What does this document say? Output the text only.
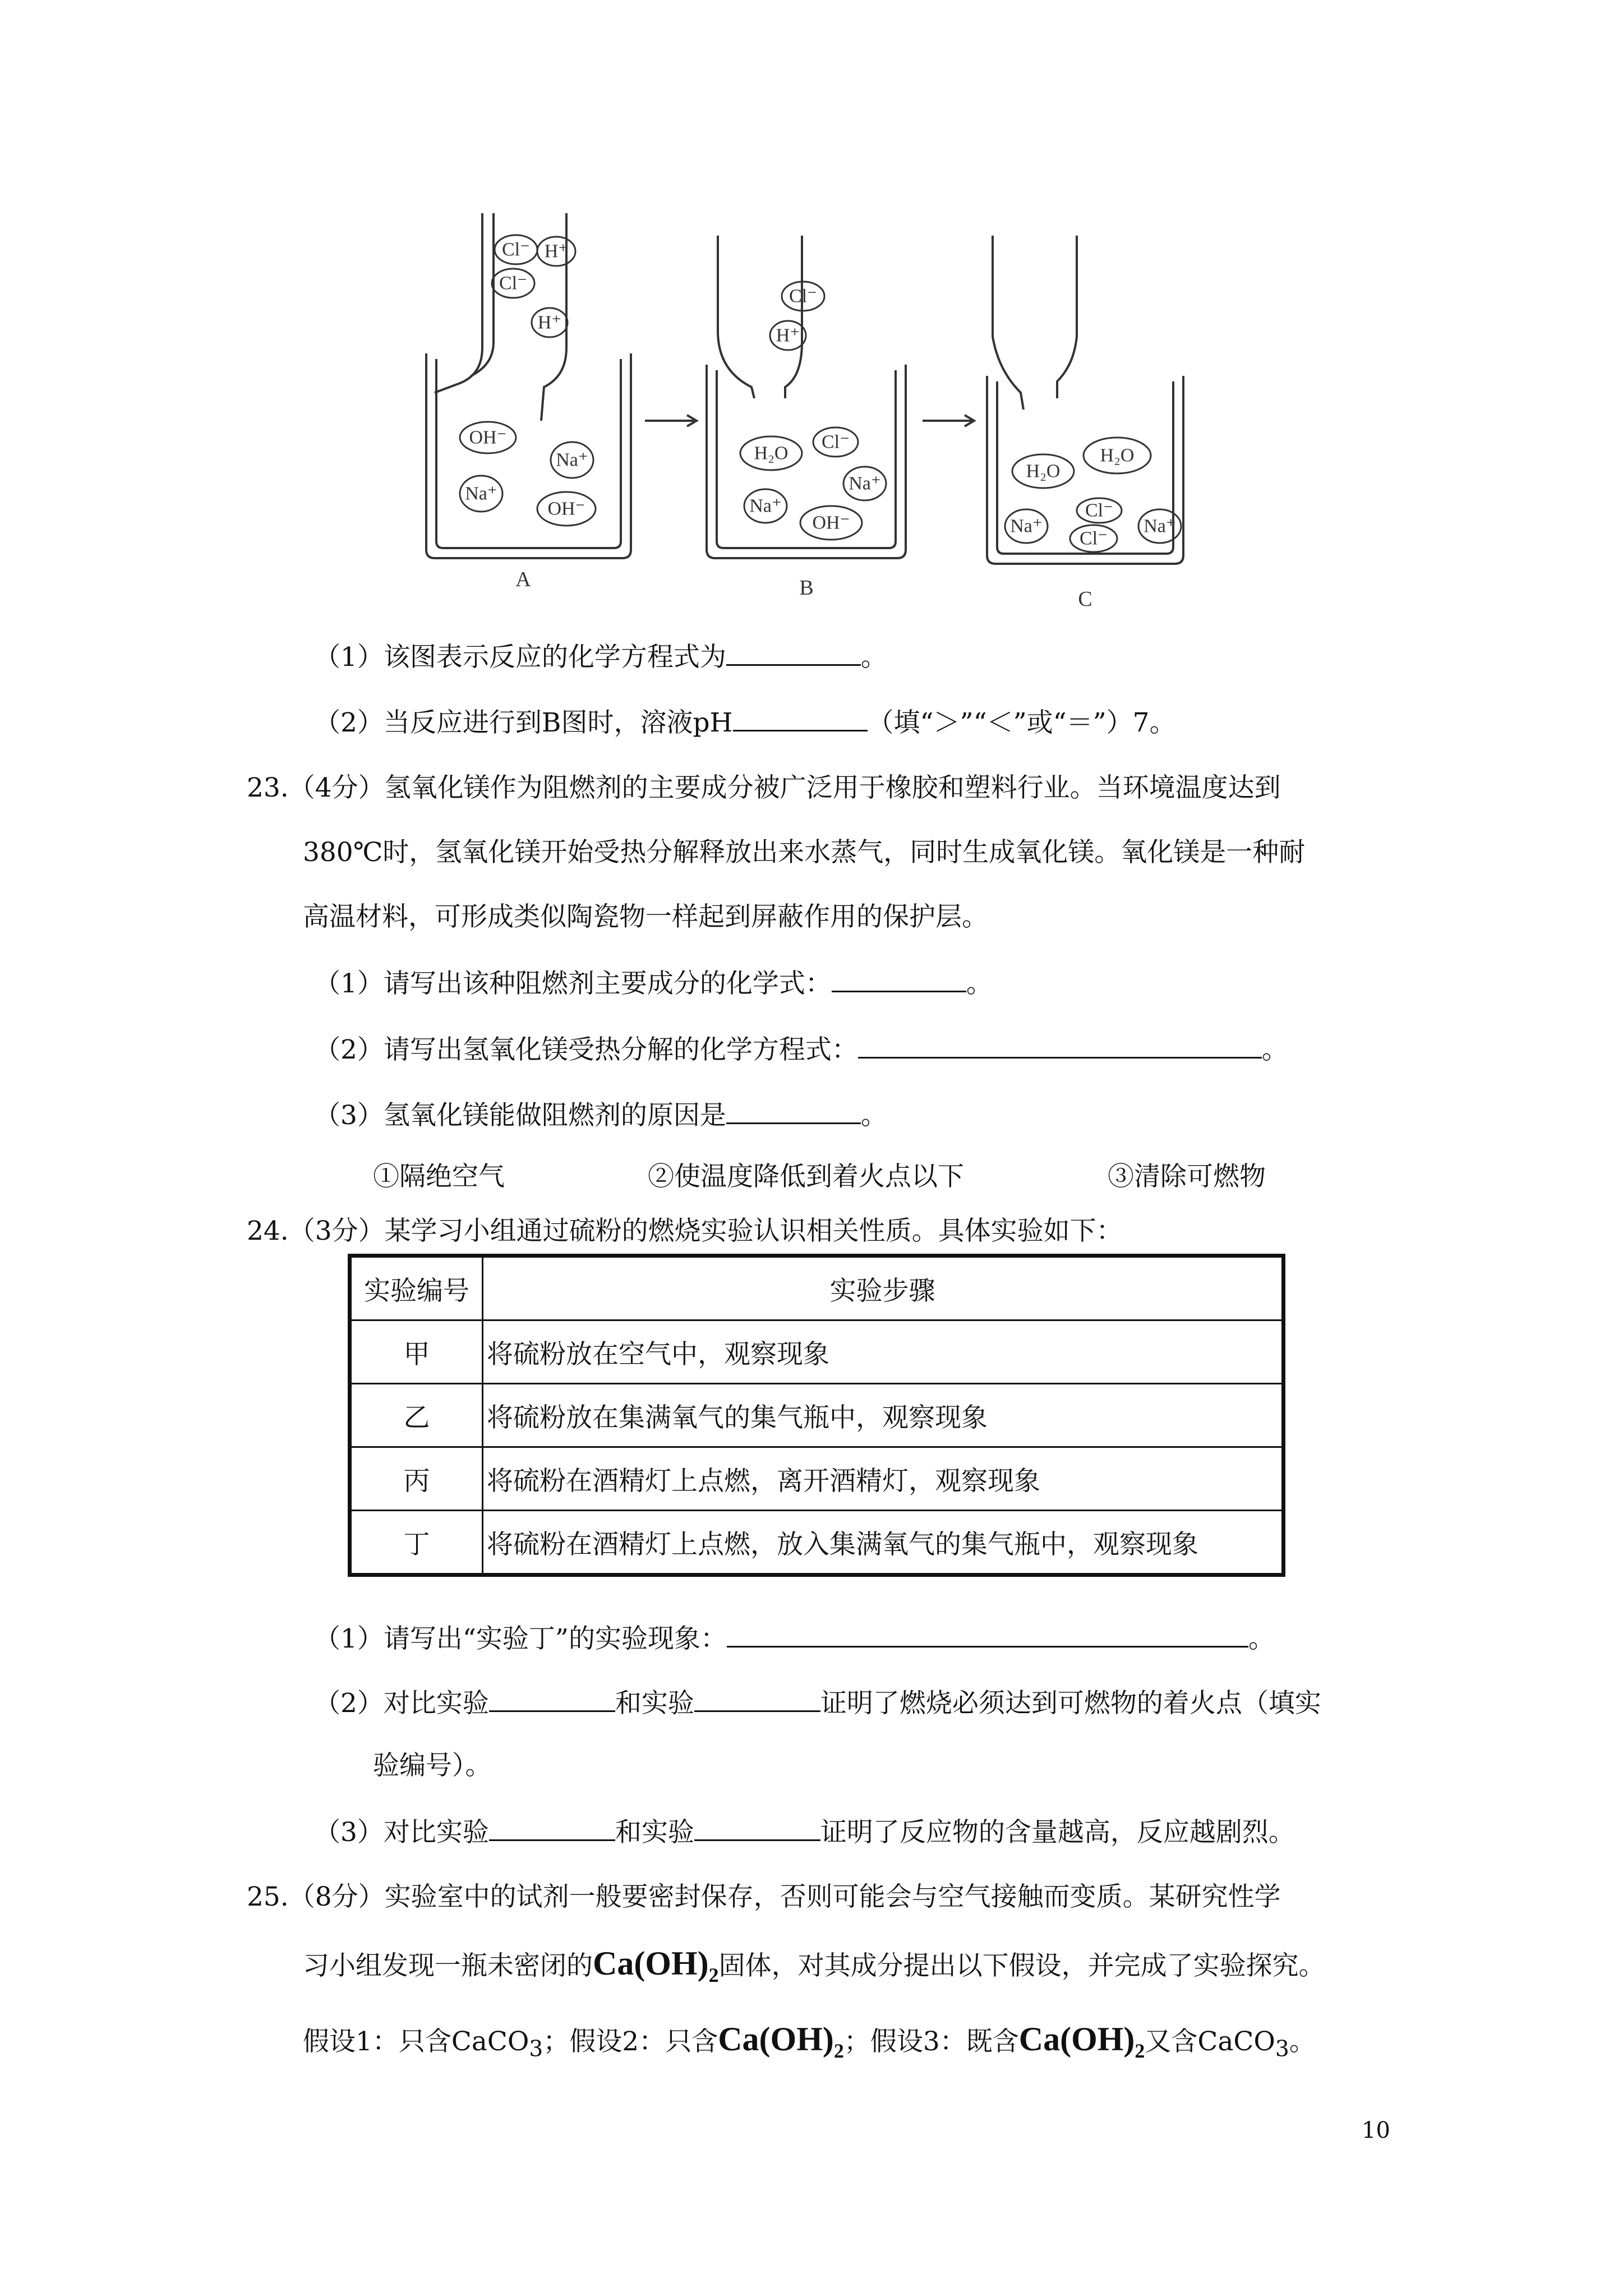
Cl⁻ H⁺
Cl⁻
H⁺
OH⁻
Na⁺
Na⁺
OH⁻
Cl⁻
H⁺
H₂O
Cl⁻
Na⁺
Na⁺
OH⁻
H₂O
H₂O
Na⁺
Cl⁻
Cl⁻
Na⁺
A	B	C
（1）该图表示反应的化学方程式为	。
（2）当反应进行到B图时，溶液pH	（填“＞”“＜”或“＝”）7。
23.（4分）氢氧化镁作为阻燃剂的主要成分被广泛用于橡胶和塑料行业。当环境温度达到
380℃时，氢氧化镁开始受热分解释放出来水蒸气，同时生成氧化镁。氧化镁是一种耐
高温材料，可形成类似陶瓷物一样起到屏蔽作用的保护层。
（1）请写出该种阻燃剂主要成分的化学式：	。
（2）请写出氢氧化镁受热分解的化学方程式：	。
（3）氢氧化镁能做阻燃剂的原因是	。
①隔绝空气	②使温度降低到着火点以下	③清除可燃物
24.（3分）某学习小组通过硫粉的燃烧实验认识相关性质。具体实验如下：
实验编号	实验步骤
甲	将硫粉放在空气中，观察现象
乙	将硫粉放在集满氧气的集气瓶中，观察现象
丙	将硫粉在酒精灯上点燃，离开酒精灯，观察现象
丁	将硫粉在酒精灯上点燃，放入集满氧气的集气瓶中，观察现象
（1）请写出“实验丁”的实验现象：	。
（2）对比实验	和实验	证明了燃烧必须达到可燃物的着火点（填实
验编号）。
（3）对比实验	和实验	证明了反应物的含量越高，反应越剧烈。
25.（8分）实验室中的试剂一般要密封保存，否则可能会与空气接触而变质。某研究性学
习小组发现一瓶未密闭的$Ca(OH)_2$固体，对其成分提出以下假设，并完成了实验探究。
假设1：只含CaCO$_3$；假设2：只含$Ca(OH)_2$；假设3：既含$Ca(OH)_2$又含CaCO$_3$。
10
